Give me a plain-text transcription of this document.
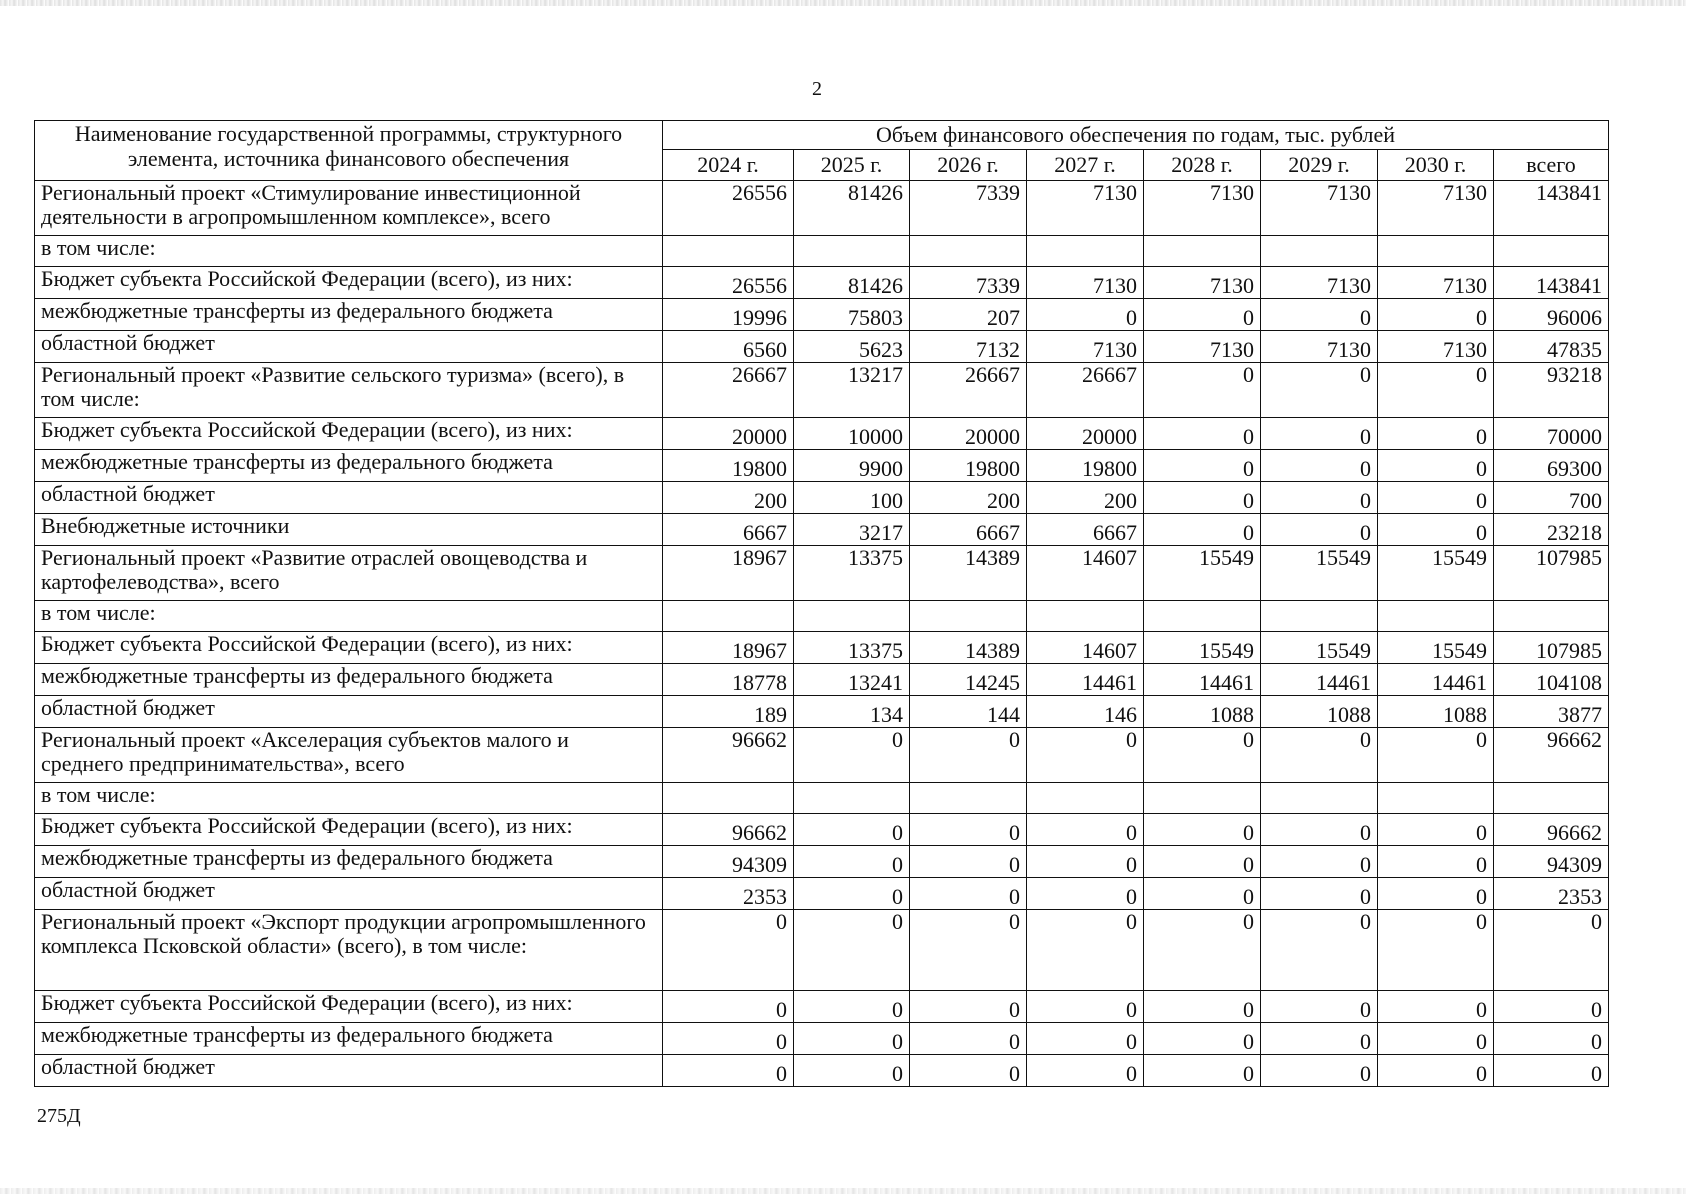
2
Наименование государственной программы, структурного элемента, источника финансового обеспечения	Объем финансового обеспечения по годам, тыс. рублей							
	2024 г.	2025 г.	2026 г.	2027 г.	2028 г.	2029 г.	2030 г.	всего
Региональный проект «Стимулирование инвестиционной деятельности в агропромышленном комплексе», всего	26556	81426	7339	7130	7130	7130	7130	143841
в том числе:								
Бюджет субъекта Российской Федерации (всего), из них:	26556	81426	7339	7130	7130	7130	7130	143841
межбюджетные трансферты из федерального бюджета	19996	75803	207	0	0	0	0	96006
областной бюджет	6560	5623	7132	7130	7130	7130	7130	47835
Региональный проект «Развитие сельского туризма» (всего), в том числе:	26667	13217	26667	26667	0	0	0	93218
Бюджет субъекта Российской Федерации (всего), из них:	20000	10000	20000	20000	0	0	0	70000
межбюджетные трансферты из федерального бюджета	19800	9900	19800	19800	0	0	0	69300
областной бюджет	200	100	200	200	0	0	0	700
Внебюджетные источники	6667	3217	6667	6667	0	0	0	23218
Региональный проект «Развитие отраслей овощеводства и картофелеводства», всего	18967	13375	14389	14607	15549	15549	15549	107985
в том числе:								
Бюджет субъекта Российской Федерации (всего), из них:	18967	13375	14389	14607	15549	15549	15549	107985
межбюджетные трансферты из федерального бюджета	18778	13241	14245	14461	14461	14461	14461	104108
областной бюджет	189	134	144	146	1088	1088	1088	3877
Региональный проект «Акселерация субъектов малого и среднего предпринимательства», всего	96662	0	0	0	0	0	0	96662
в том числе:								
Бюджет субъекта Российской Федерации (всего), из них:	96662	0	0	0	0	0	0	96662
межбюджетные трансферты из федерального бюджета	94309	0	0	0	0	0	0	94309
областной бюджет	2353	0	0	0	0	0	0	2353
Региональный проект «Экспорт продукции агропромышленного комплекса Псковской области» (всего), в том числе:	0	0	0	0	0	0	0	0
Бюджет субъекта Российской Федерации (всего), из них:	0	0	0	0	0	0	0	0
межбюджетные трансферты из федерального бюджета	0	0	0	0	0	0	0	0
областной бюджет	0	0	0	0	0	0	0	0
275Д
